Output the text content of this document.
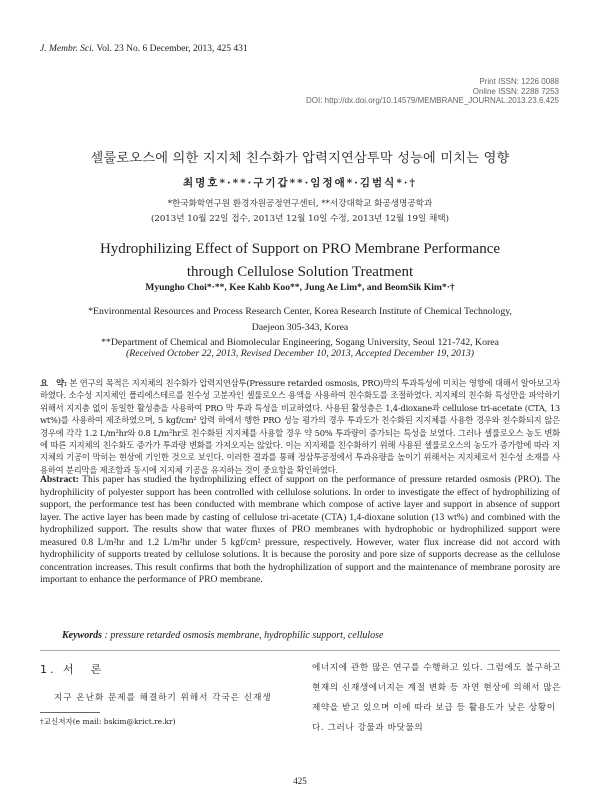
J. Membr. Sci. Vol. 23 No. 6 December, 2013, 425 431
Print ISSN: 1226 0088
Online ISSN: 2288 7253
DOI: http://dx.doi.org/10.14579/MEMBRANE_JOURNAL.2013.23.6.425
셀룰로오스에 의한 지지체 친수화가 압력지연삼투막 성능에 미치는 영향
최명호*·**·구기갑**·임정애*·김범식*·†
*한국화학연구원 환경자원공정연구센터, **서강대학교 화공생명공학과
(2013년 10월 22일 접수, 2013년 12월 10일 수정, 2013년 12월 19일 채택)
Hydrophilizing Effect of Support on PRO Membrane Performance
through Cellulose Solution Treatment
Myungho Choi*·**, Kee Kahb Koo**, Jung Ae Lim*, and BeomSik Kim*·†
*Environmental Resources and Process Research Center, Korea Research Institute of Chemical Technology,
Daejeon 305-343, Korea
**Department of Chemical and Biomolecular Engineering, Sogang University, Seoul 121-742, Korea
(Received October 22, 2013, Revised December 10, 2013, Accepted December 19, 2013)
요　약: 본 연구의 목적은 지지체의 친수화가 압력지연삼투(Pressure retarded osmosis, PRO)막의 투과특성에 미치는 영향에 대해서 알아보고자 하였다. 소수성 지지체인 폴리에스테르를 친수성 고분자인 셀룰로오스 용액을 사용하여 친수화도를 조절하였다. 지지체의 친수화 특성만을 파악하기 위해서 지지층 없이 동일한 활성층을 사용하여 PRO 막 투과 특성을 비교하였다. 사용된 활성층은 1,4-dioxane과 cellulose tri-acetate (CTA, 13 wt%)를 사용하여 제조하였으며, 5 kgf/cm² 압력 하에서 행한 PRO 성능 평가의 경우 투과도가 친수화된 지지체를 사용한 경우와 친수화되지 않은 경우에 각각 1.2 L/m²hr와 0.8 L/m²hr로 친수화된 지지체를 사용할 경우 약 50% 투과량이 증가되는 특성을 보였다. 그러나 셀룰로오스 농도 변화에 따른 지지체의 친수화도 증가가 투과량 변화를 가져오지는 않았다. 이는 지지체를 친수화하기 위해 사용된 셀룰로오스의 농도가 증가함에 따라 지지체의 기공이 막히는 현상에 기인한 것으로 보인다. 이러한 결과를 통해 정삼투공정에서 투과유량을 높이기 위해서는 지지체로서 친수성 소재를 사용하여 분리막을 제조함과 동시에 지지체 기공을 유지하는 것이 중요함을 확인하였다.
Abstract: This paper has studied the hydrophilizing effect of support on the performance of pressure retarded osmosis (PRO). The hydrophilicity of polyester support has been controlled with cellulose solutions. In order to investigate the effect of hydrophilizing of support, the performance test has been conducted with membrane which compose of active layer and support in absence of support layer. The active layer has been made by casting of cellulose tri-acetate (CTA) 1,4-dioxane solution (13 wt%) and combined with the hydrophilized support. The results show that water fluxes of PRO membranes with hydrophobic or hydrophilized support were measured 0.8 L/m²hr and 1.2 L/m²hr under 5 kgf/cm² pressure, respectively. However, water flux increase did not accord with hydrophilicity of supports treated by cellulose solutions. It is because the porosity and pore size of supports decrease as the cellulose concentration increases. This result confirms that both the hydrophilization of support and the maintenance of membrane porosity are important to enhance the performance of PRO membrane.
Keywords : pressure retarded osmosis membrane, hydrophilic support, cellulose
1. 서　론
지구 온난화 문제를 해결하기 위해서 각국은 신재생
에너지에 관한 많은 연구를 수행하고 있다. 그럼에도 불구하고 현재의 신재생에너지는 계절 변화 등 자연 현상에 의해서 많은 제약을 받고 있으며 이에 따라 보급 등 활용도가 낮은 상황이다. 그러나 강물과 바닷물의
†교신저자(e mail: bskim@krict.re.kr)
425
